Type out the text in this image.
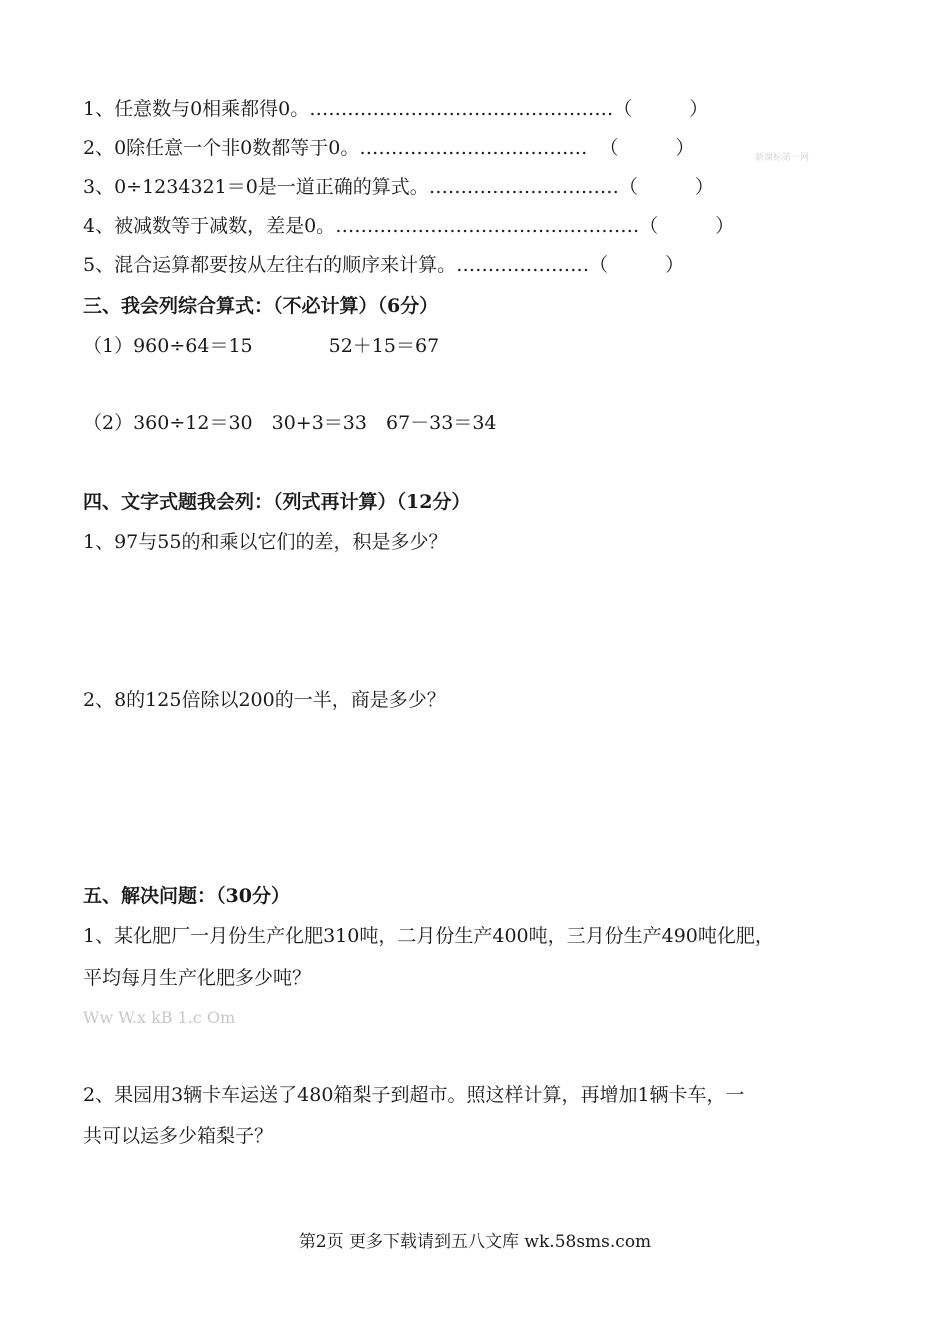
1、任意数与0相乘都得0。…………………………………………（　　　）
2、0除任意一个非0数都等于0。……………………………… （　　　）	新课标第一网
3、0÷1234321＝0是一道正确的算式。…………………………（　　　）
4、被减数等于减数，差是0。…………………………………………（　　　）
5、混合运算都要按从左往右的顺序来计算。…………………（　　　）
三、我会列综合算式：（不必计算）（6分）
（1）960÷64＝15　　　　52＋15＝67
（2）360÷12＝30　30+3＝33　67－33＝34
四、文字式题我会列：（列式再计算）（12分）
1、97与55的和乘以它们的差，积是多少？
2、8的125倍除以200的一半，商是多少？
五、解决问题：（30分）
1、某化肥厂一月份生产化肥310吨，二月份生产400吨，三月份生产490吨化肥，
平均每月生产化肥多少吨？
Ww W.x kB 1.c Om
2、果园用3辆卡车运送了480箱梨子到超市。照这样计算，再增加1辆卡车，一
共可以运多少箱梨子？
第2页 更多下载请到五八文库 wk.58sms.com
